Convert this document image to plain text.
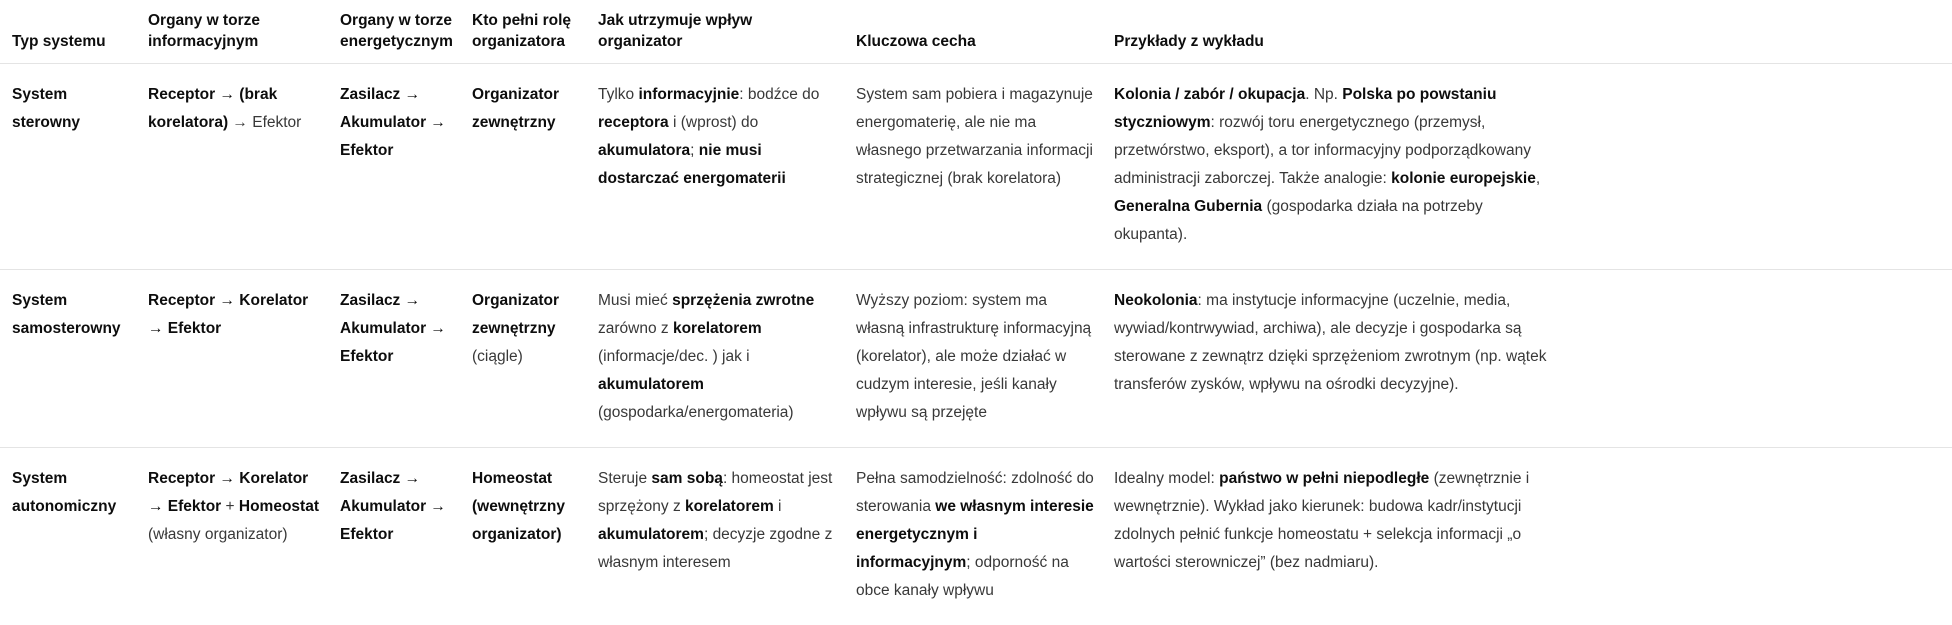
Typ systemu
Organy w torze informacyjnym
Organy w torze energetycznym
Kto pełni rolę organizatora
Jak utrzymuje wpływ organizator	Kluczowa cecha	Przykłady z wykładu
System sterowny
Receptor → (brak korelatora) → Efektor
Zasilacz → Akumulator → Efektor
Organizator zewnętrzny
Tylko informacyjnie: bodźce do receptora i (wprost) do akumulatora; nie musi dostarczać energomaterii
System sam pobiera i magazynuje energomaterię, ale nie ma własnego przetwarzania informacji strategicznej (brak korelatora)
Kolonia / zabór / okupacja. Np. Polska po powstaniu styczniowym: rozwój toru energetycznego (przemysł, przetwórstwo, eksport), a tor informacyjny podporządkowany administracji zaborczej. Także analogie: kolonie europejskie, Generalna Gubernia (gospodarka działa na potrzeby okupanta).
System samosterowny
Receptor → Korelator → Efektor
Zasilacz → Akumulator → Efektor
Organizator zewnętrzny (ciągle)
Musi mieć sprzężenia zwrotne zarówno z korelatorem (informacje/dec. ) jak i akumulatorem (gospodarka/energomateria)
Wyższy poziom: system ma własną infrastrukturę informacyjną (korelator), ale może działać w cudzym interesie, jeśli kanały wpływu są przejęte
Neokolonia: ma instytucje informacyjne (uczelnie, media, wywiad/kontrwywiad, archiwa), ale decyzje i gospodarka są sterowane z zewnątrz dzięki sprzężeniom zwrotnym (np. wątek transferów zysków, wpływu na ośrodki decyzyjne).
System autonomiczny
Receptor → Korelator → Efektor + Homeostat (własny organizator)
Zasilacz → Akumulator → Efektor
Homeostat (wewnętrzny organizator)
Steruje sam sobą: homeostat jest sprzężony z korelatorem i akumulatorem; decyzje zgodne z własnym interesem
Pełna samodzielność: zdolność do sterowania we własnym interesie energetycznym i informacyjnym; odporność na obce kanały wpływu
Idealny model: państwo w pełni niepodległe (zewnętrznie i wewnętrznie). Wykład jako kierunek: budowa kadr/instytucji zdolnych pełnić funkcje homeostatu + selekcja informacji „o wartości sterowniczej” (bez nadmiaru).
